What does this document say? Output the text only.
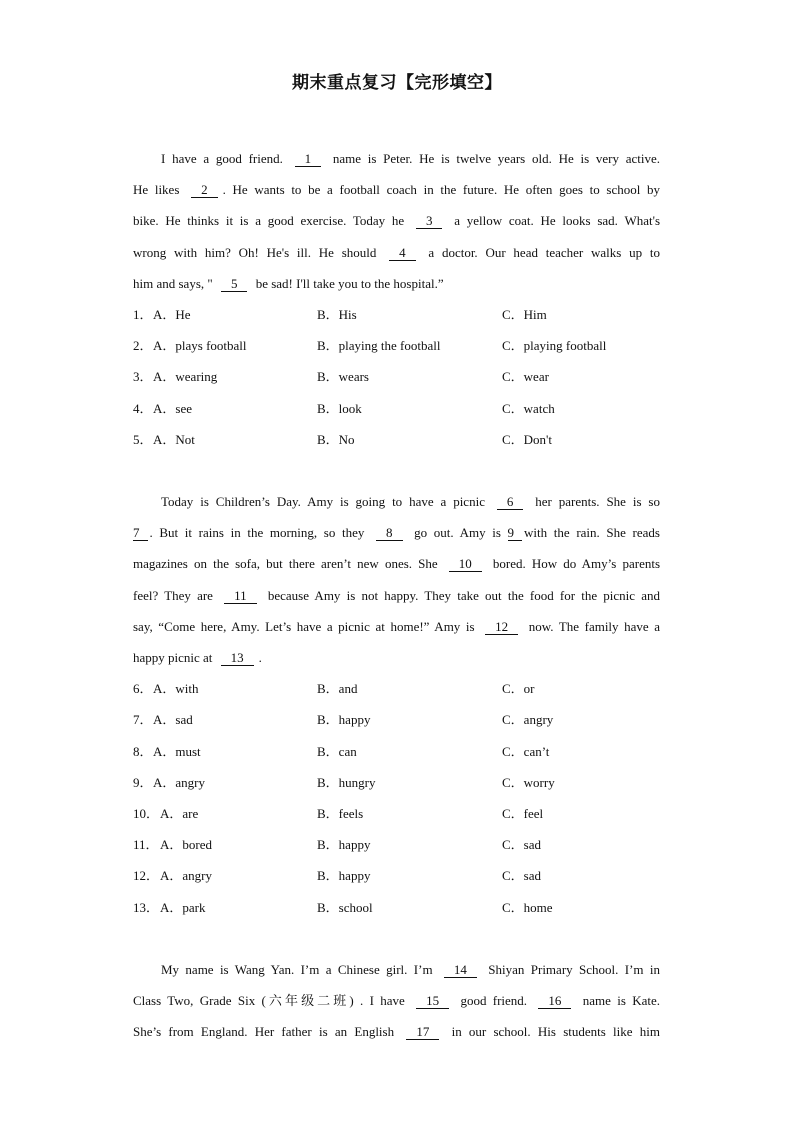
期末重点复习【完形填空】
I have a good friend. 1 name is Peter. He is twelve years old. He is very active.
He likes 2 . He wants to be a football coach in the future. He often goes to school by
bike. He thinks it is a good exercise. Today he 3 a yellow coat. He looks sad. What's
wrong with him? Oh! He's ill. He should 4 a doctor. Our head teacher walks up to
him and says, " 5 be sad! I'll take you to the hospital.”
1． A．He	B．His	C．Him
2． A．plays football	B．playing the football	C．playing football
3． A．wearing	B．wears	C．wear
4． A．see	B．look	C．watch
5． A．Not	B．No	C．Don't
Today is Children’s Day. Amy is going to have a picnic 6 her parents. She is so
7 . But it rains in the morning, so they 8 go out. Amy is 9 with the rain. She reads
magazines on the sofa, but there aren’t new ones. She 10 bored. How do Amy’s parents
feel? They are 11 because Amy is not happy. They take out the food for the picnic and
say, “Come here, Amy. Let’s have a picnic at home!” Amy is 12 now. The family have a
happy picnic at 13 .
6． A．with	B．and	C．or
7． A．sad	B．happy	C．angry
8． A．must	B．can	C．can’t
9． A．angry	B．hungry	C．worry
10． A．are	B．feels	C．feel
11． A．bored	B．happy	C．sad
12． A．angry	B．happy	C．sad
13． A．park	B．school	C．home
My name is Wang Yan. I’m a Chinese girl. I’m 14 Shiyan Primary School. I’m in
Class Two, Grade Six (六年级二班) . I have 15 good friend. 16 name is Kate.
She’s from England. Her father is an English 17 in our school. His students like him
